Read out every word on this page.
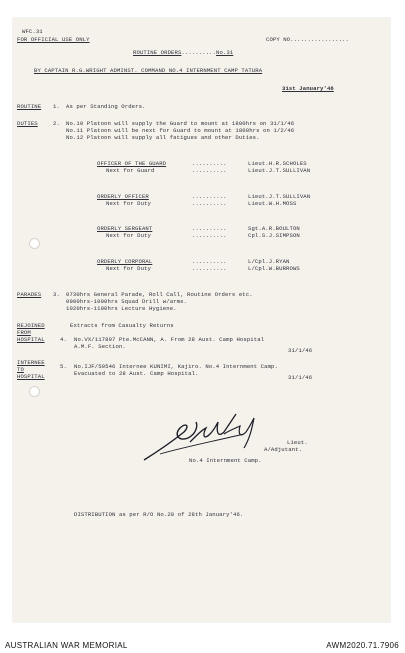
WFC.31
FOR OFFICIAL USE ONLY	COPY NO.................
ROUTINE ORDERS..........No.31
BY CAPTAIN R.G.WRIGHT ADMINST. COMMAND NO.4 INTERNMENT CAMP TATURA
31st January'46
ROUTINE 1. As per Standing Orders.
DUTIES	2. No.10 Platoon will supply the Guard to mount at 1800hrs on 31/1/46
No.11 Platoon will be next for Guard to mount at 1800hrs on 1/2/46
No.12 Platoon will supply all fatigues and other Duties.
OFFICER OF THE GUARD	..........	Lieut.H.R.SCHOLES
Next for Guard	..........	Lieut.J.T.SULLIVAN
ORDERLY OFFICER	..........	Lieut.J.T.SULLIVAN
Next for Duty	..........	Lieut.W.H.MOSS
ORDERLY SERGEANT	..........	Sgt.A.R.BOULTON
Next for Duty	..........	Cpl.S.J.SIMPSON
ORDERLY CORPORAL	..........	L/Cpl.J.RYAN
Next for Duty	..........	L/Cpl.W.BURROWS
PARADES 3. 0730hrs General Parade, Roll Call, Routine Orders etc.
0900hrs-1000hrs Squad Drill w/arms.
1020hrs-1100hrs Lecture Hygiene.
REJOINED
FROM
HOSPITAL
Extracts from Casualty Returns
4. No.VX/117897 Pte.McCANN, A. From 28 Aust. Camp Hospital
A.M.F. Section.
31/1/46
INTERNEE
TO
HOSPITAL
5. No.IJF/50546 Internee KUNIMI, Kajiro. No.4 Internment Camp.
Evacuated to 28 Aust. Camp Hospital.
31/1/46
Lieut.
A/Adjutant.
No.4 Internment Camp.
DISTRIBUTION as per R/O No.28 of 28th January'46.
AUSTRALIAN WAR MEMORIAL	AWM2020.71.7906
